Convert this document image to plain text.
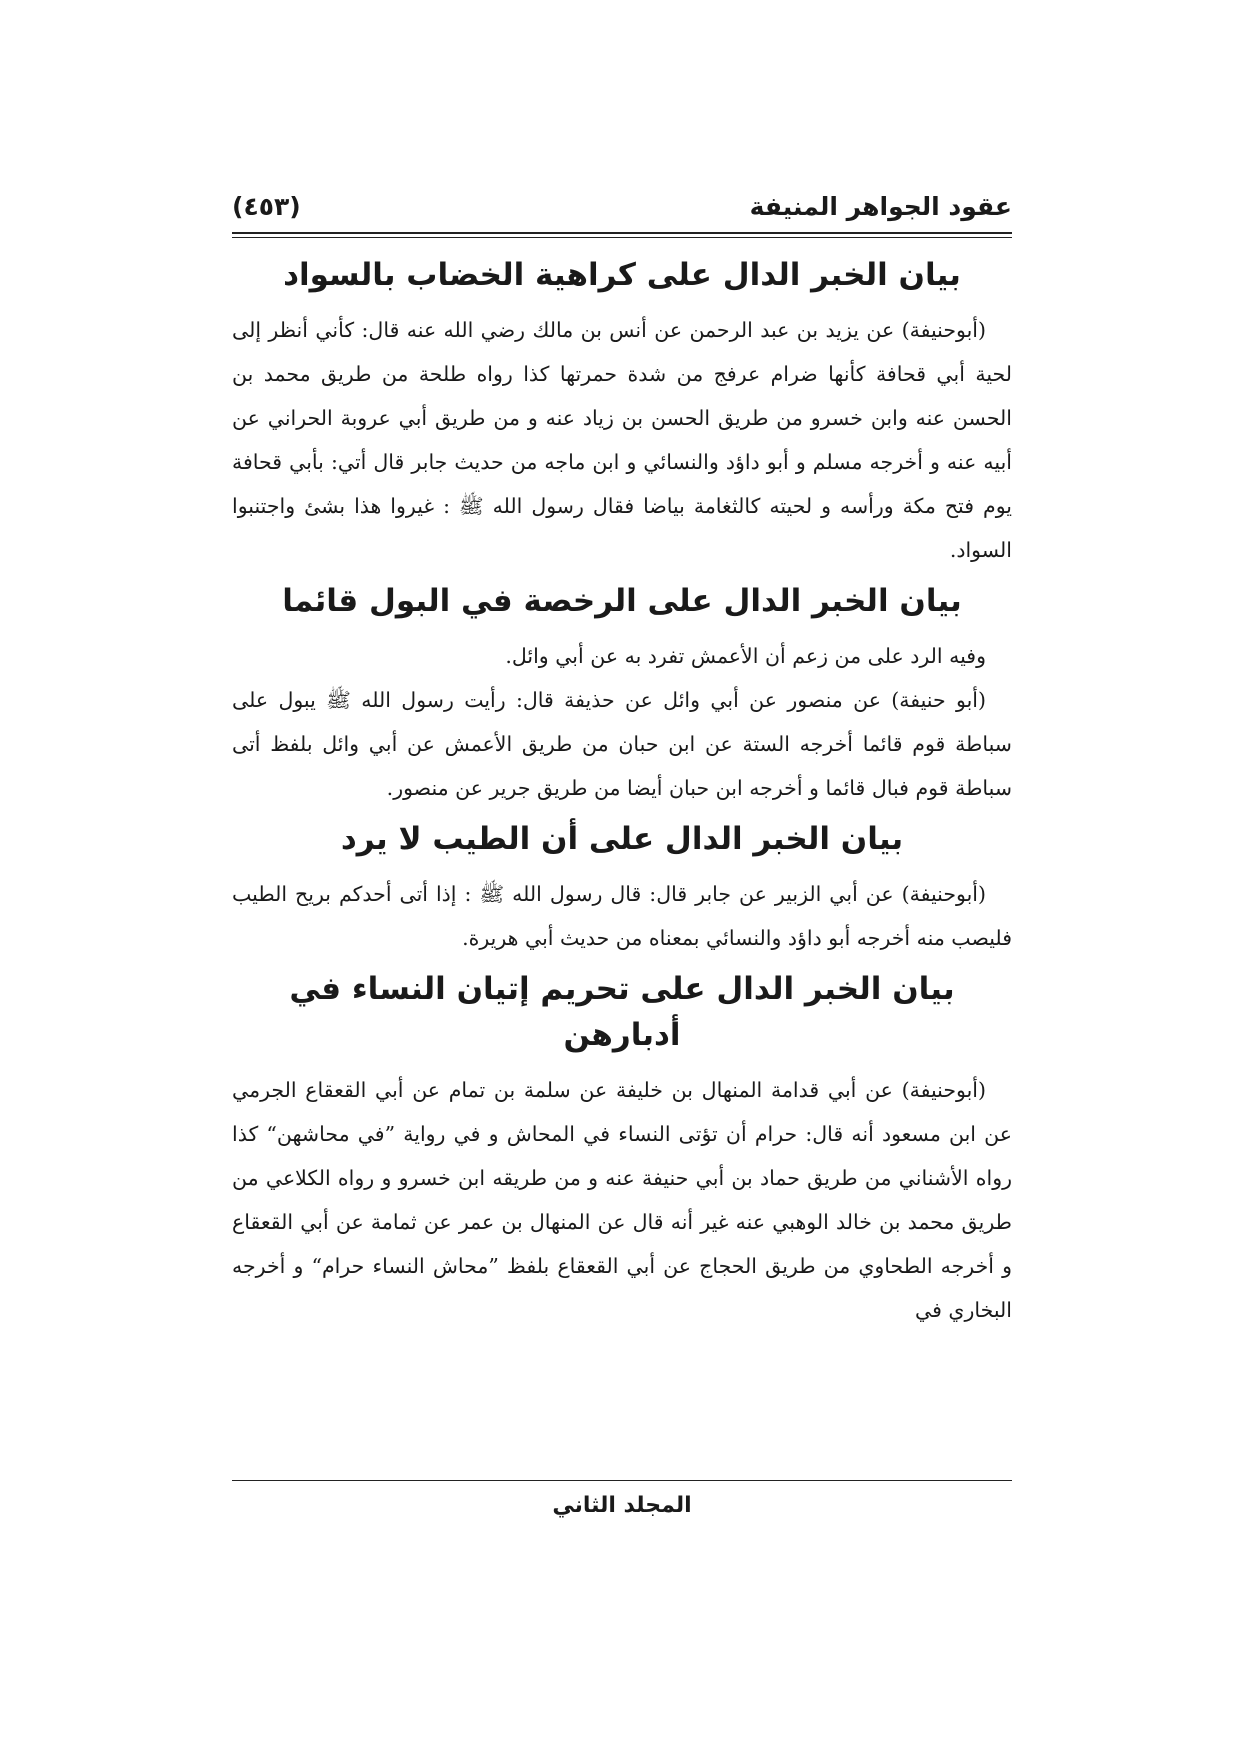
عقود الجواهر المنيفة
(٤٥٣)
بيان الخبر الدال على كراهية الخضاب بالسواد

(أبوحنيفة) عن يزيد بن عبد الرحمن عن أنس بن مالك رضي الله عنه قال: كأني أنظر إلى لحية أبي قحافة كأنها ضرام عرفج من شدة حمرتها كذا رواه طلحة من طريق محمد بن الحسن عنه وابن خسرو من طريق الحسن بن زياد عنه و من طريق أبي عروبة الحراني عن أبيه عنه و أخرجه مسلم و أبو داؤد والنسائي و ابن ماجه من حديث جابر قال أتي: بأبي قحافة يوم فتح مكة ورأسه و لحيته كالثغامة بياضا فقال رسول الله ﷺ : غيروا هذا بشئ واجتنبوا السواد.

بيان الخبر الدال على الرخصة في البول قائما

وفيه الرد على من زعم أن الأعمش تفرد به عن أبي وائل.

(أبو حنيفة) عن منصور عن أبي وائل عن حذيفة قال: رأيت رسول الله ﷺ يبول على سباطة قوم قائما أخرجه الستة عن ابن حبان من طريق الأعمش عن أبي وائل بلفظ أتى سباطة قوم فبال قائما و أخرجه ابن حبان أيضا من طريق جرير عن منصور.

بيان الخبر الدال على أن الطيب لا يرد

(أبوحنيفة) عن أبي الزبير عن جابر قال: قال رسول الله ﷺ : إذا أتى أحدكم بريح الطيب فليصب منه أخرجه أبو داؤد والنسائي بمعناه من حديث أبي هريرة.

بيان الخبر الدال على تحريم إتيان النساء في أدبارهن

(أبوحنيفة) عن أبي قدامة المنهال بن خليفة عن سلمة بن تمام عن أبي القعقاع الجرمي عن ابن مسعود أنه قال: حرام أن تؤتى النساء في المحاش و في رواية ”في محاشهن“ كذا رواه الأشناني من طريق حماد بن أبي حنيفة عنه و من طريقه ابن خسرو و رواه الكلاعي من طريق محمد بن خالد الوهبي عنه غير أنه قال عن المنهال بن عمر عن ثمامة عن أبي القعقاع و أخرجه الطحاوي من طريق الحجاج عن أبي القعقاع بلفظ ”محاش النساء حرام“ و أخرجه البخاري في

المجلد الثاني
